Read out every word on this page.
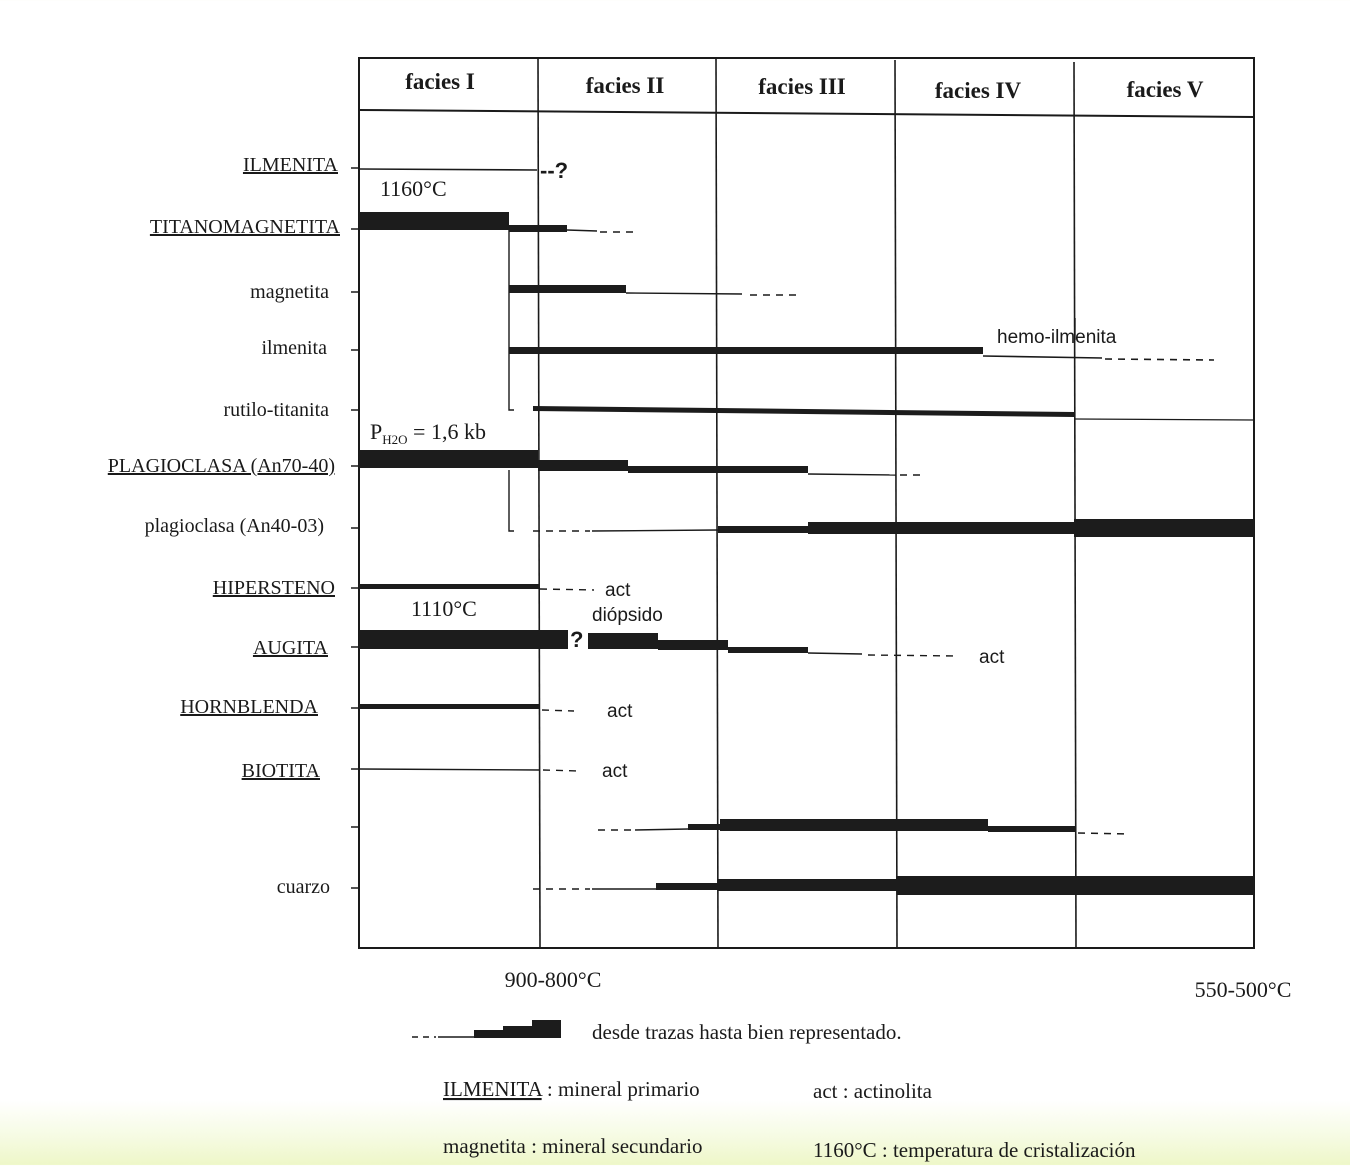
facies I	facies II	facies III	facies IV	facies V
ILMENITA
TITANOMAGNETITA
magnetita
ilmenita
rutilo-titanita
PLAGIOCLASA (An70-40)
plagioclasa (An40-03)
HIPERSTENO
AUGITA
HORNBLENDA
BIOTITA
cuarzo
--?
1160°C
hemo-ilmenita
$P_{H2O} = 1,6$ kb
act
1110°C	diópsido
?
act
act
act
900-800°C	550-500°C
desde trazas hasta bien representado.
ILMENITA : mineral primario	act : actinolita
magnetita : mineral secundario	1160°C : temperatura de cristalización
